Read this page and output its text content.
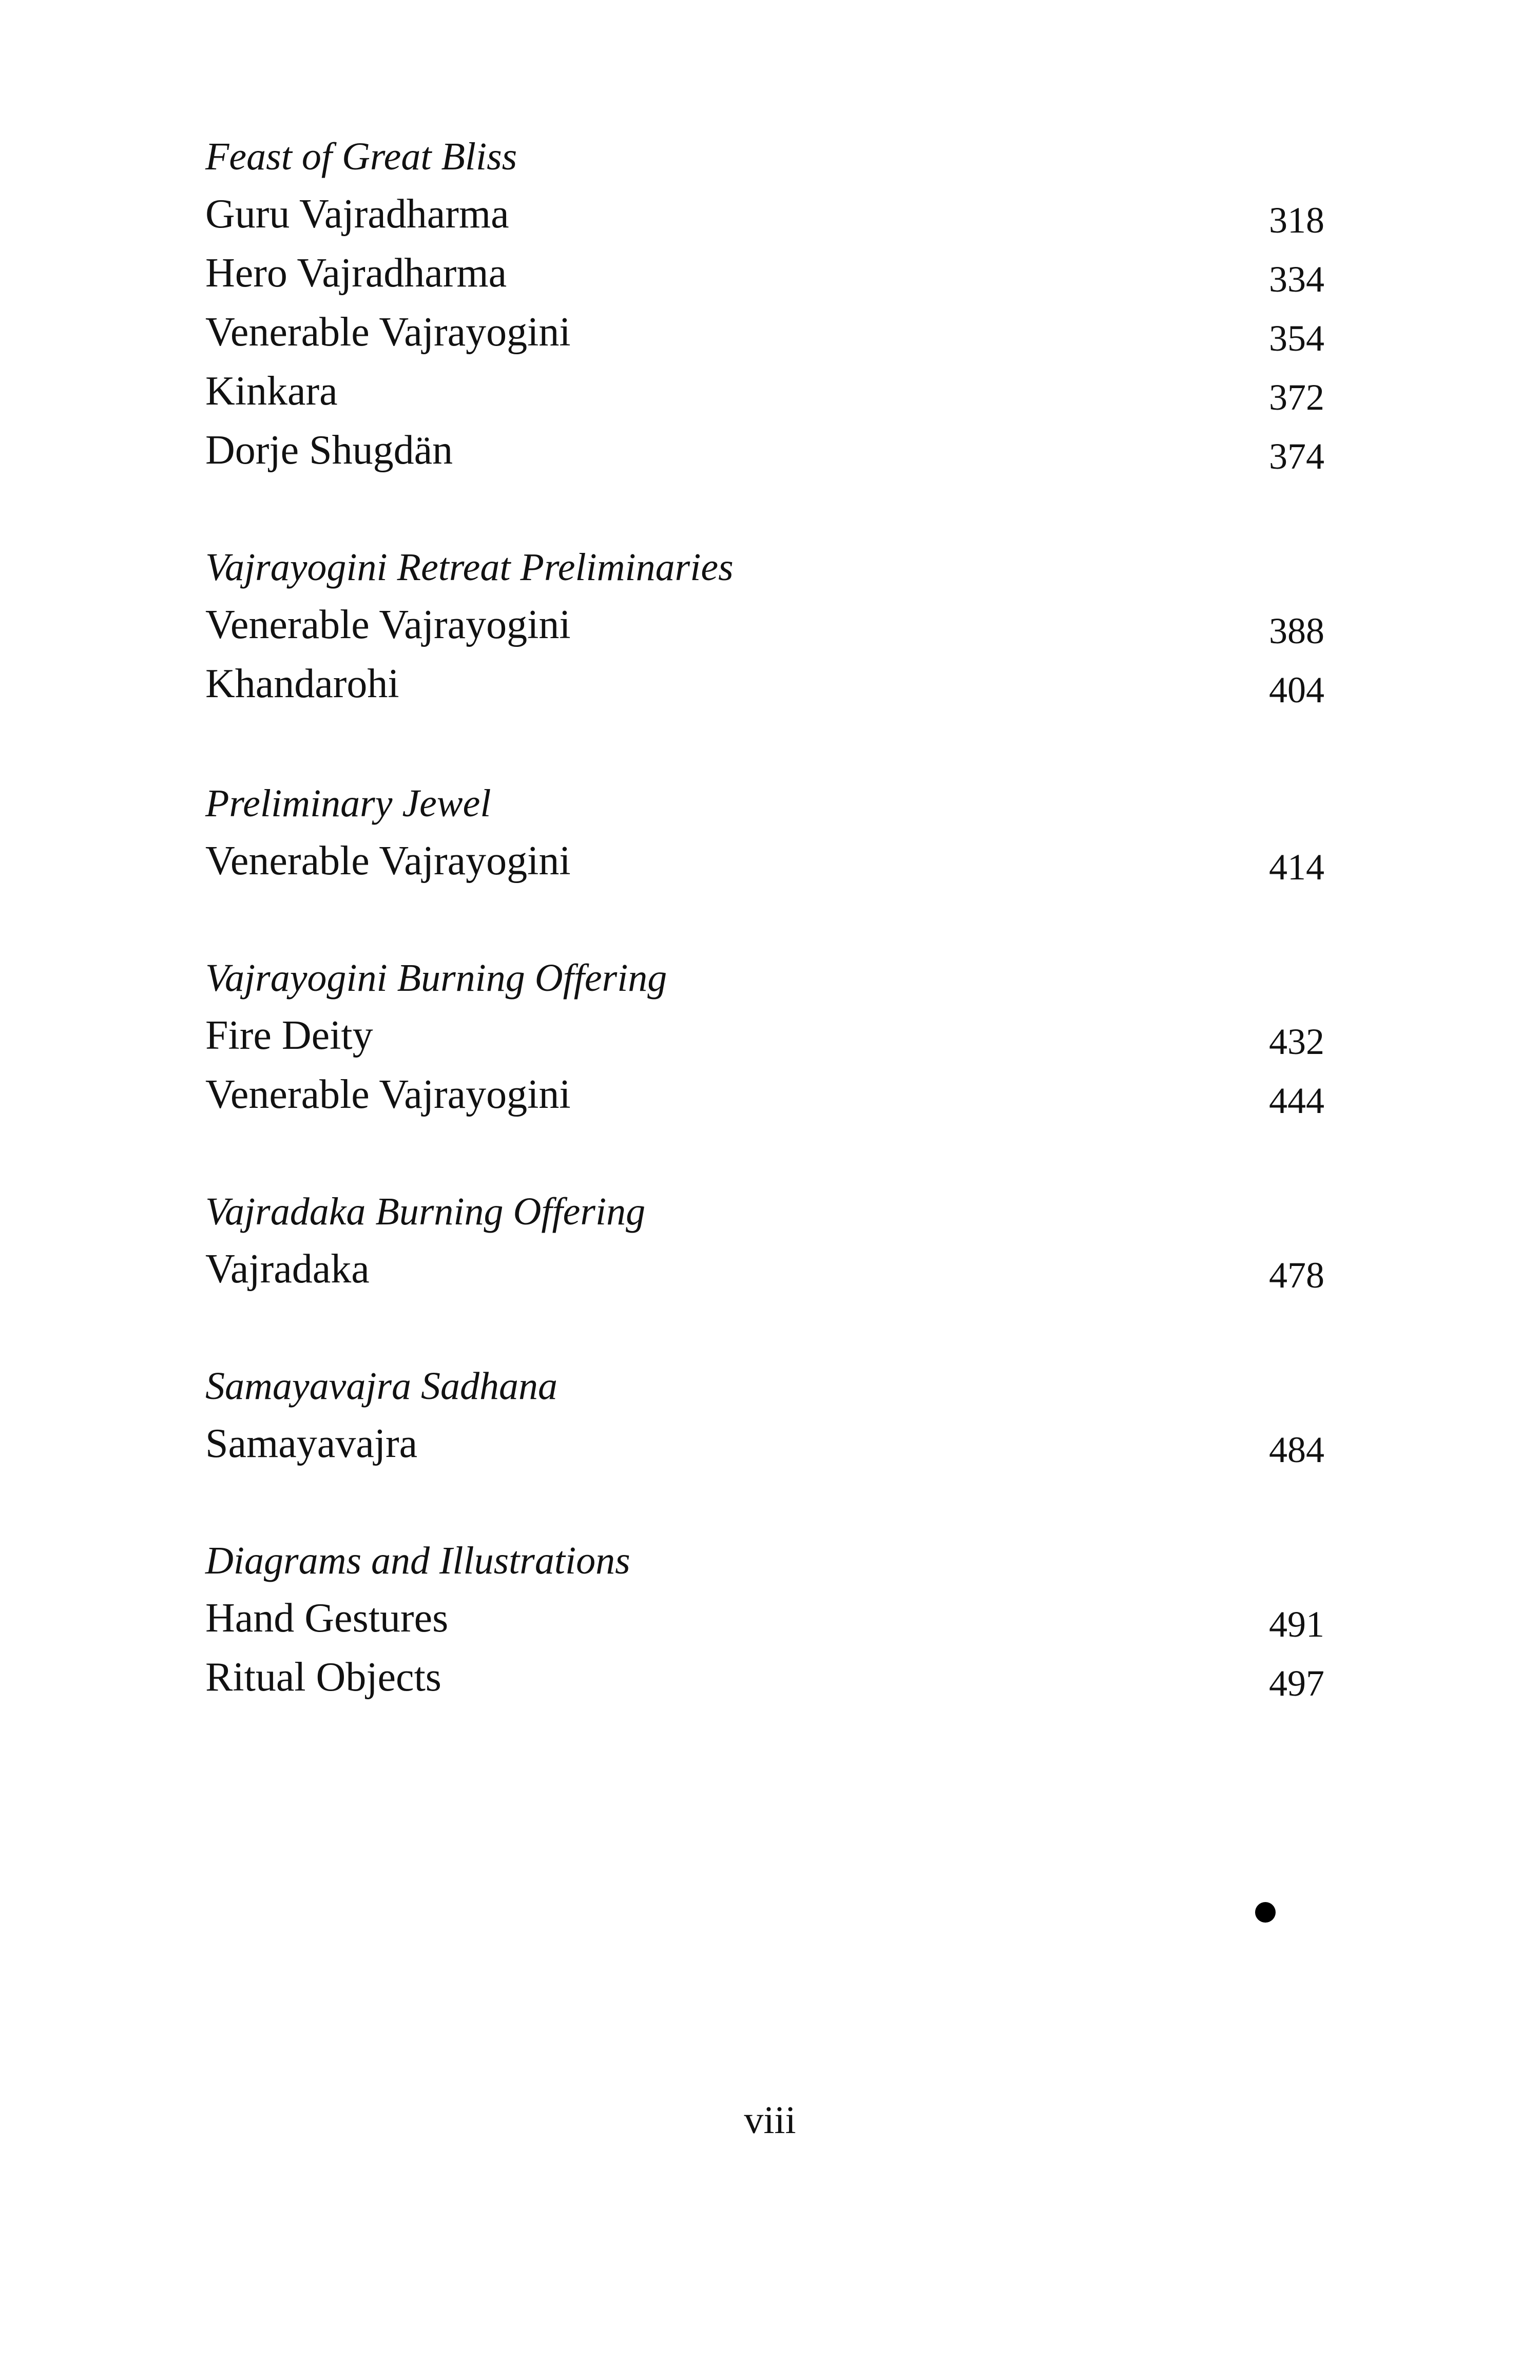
Feast of Great Bliss
Guru Vajradharma	318
Hero Vajradharma	334
Venerable Vajrayogini	354
Kinkara	372
Dorje Shugdän	374
Vajrayogini Retreat Preliminaries
Venerable Vajrayogini	388
Khandarohi	404
Preliminary Jewel
Venerable Vajrayogini	414
Vajrayogini Burning Offering
Fire Deity	432
Venerable Vajrayogini	444
Vajradaka Burning Offering
Vajradaka	478
Samayavajra Sadhana
Samayavajra	484
Diagrams and Illustrations
Hand Gestures	491
Ritual Objects	497
viii
